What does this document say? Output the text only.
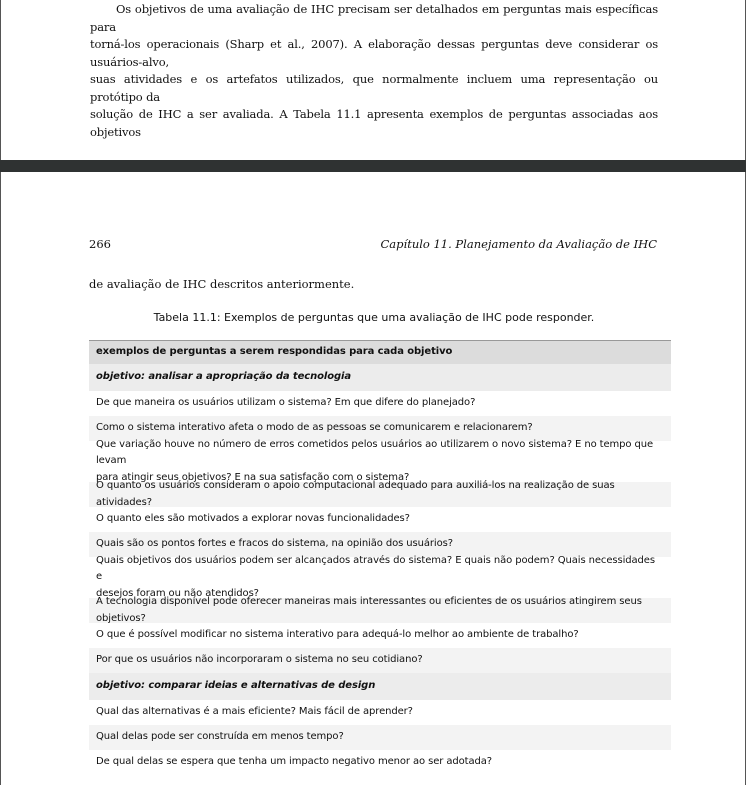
Os objetivos de uma avaliação de IHC precisam ser detalhados em perguntas mais específicas para
torná-los operacionais (Sharp et al., 2007). A elaboração dessas perguntas deve considerar os usuários-alvo,
suas atividades e os artefatos utilizados, que normalmente incluem uma representação ou protótipo da
solução de IHC a ser avaliada. A Tabela 11.1 apresenta exemplos de perguntas associadas aos objetivos
266	Capítulo 11. Planejamento da Avaliação de IHC
de avaliação de IHC descritos anteriormente.
Tabela 11.1: Exemplos de perguntas que uma avaliação de IHC pode responder.
exemplos de perguntas a serem respondidas para cada objetivo
objetivo: analisar a apropriação da tecnologia
De que maneira os usuários utilizam o sistema? Em que difere do planejado?
Como o sistema interativo afeta o modo de as pessoas se comunicarem e relacionarem?
Que variação houve no número de erros cometidos pelos usuários ao utilizarem o novo sistema? E no tempo que levam
para atingir seus objetivos? E na sua satisfação com o sistema?
O quanto os usuários consideram o apoio computacional adequado para auxiliá-los na realização de suas atividades?
O quanto eles são motivados a explorar novas funcionalidades?
Quais são os pontos fortes e fracos do sistema, na opinião dos usuários?
Quais objetivos dos usuários podem ser alcançados através do sistema? E quais não podem? Quais necessidades e
desejos foram ou não atendidos?
A tecnologia disponível pode oferecer maneiras mais interessantes ou eficientes de os usuários atingirem seus objetivos?
O que é possível modificar no sistema interativo para adequá-lo melhor ao ambiente de trabalho?
Por que os usuários não incorporaram o sistema no seu cotidiano?
objetivo: comparar ideias e alternativas de design
Qual das alternativas é a mais eficiente? Mais fácil de aprender?
Qual delas pode ser construída em menos tempo?
De qual delas se espera que tenha um impacto negativo menor ao ser adotada?
